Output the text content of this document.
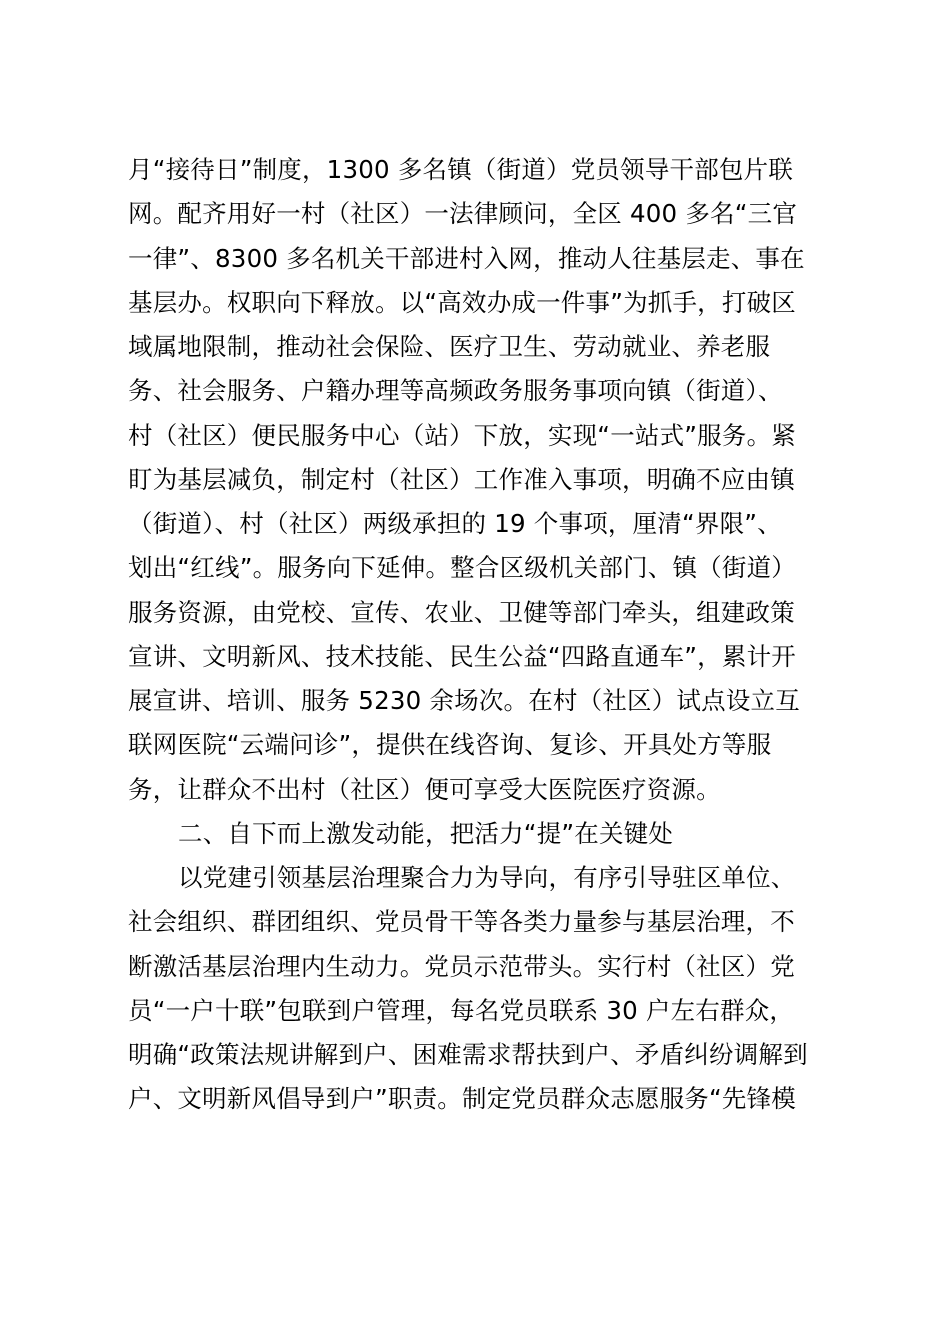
月“接待日”制度，1300 多名镇（街道）党员领导干部包片联
网。配齐用好一村（社区）一法律顾问，全区 400 多名“三官
一律”、8300 多名机关干部进村入网，推动人往基层走、事在
基层办。权职向下释放。以“高效办成一件事”为抓手，打破区
域属地限制，推动社会保险、医疗卫生、劳动就业、养老服
务、社会服务、户籍办理等高频政务服务事项向镇（街道）、
村（社区）便民服务中心（站）下放，实现“一站式”服务。紧
盯为基层减负，制定村（社区）工作准入事项，明确不应由镇
（街道）、村（社区）两级承担的 19 个事项，厘清“界限”、
划出“红线”。服务向下延伸。整合区级机关部门、镇（街道）
服务资源，由党校、宣传、农业、卫健等部门牵头，组建政策
宣讲、文明新风、技术技能、民生公益“四路直通车”，累计开
展宣讲、培训、服务 5230 余场次。在村（社区）试点设立互
联网医院“云端问诊”，提供在线咨询、复诊、开具处方等服
务，让群众不出村（社区）便可享受大医院医疗资源。
二、自下而上激发动能，把活力“提”在关键处
以党建引领基层治理聚合力为导向，有序引导驻区单位、
社会组织、群团组织、党员骨干等各类力量参与基层治理，不
断激活基层治理内生动力。党员示范带头。实行村（社区）党
员“一户十联”包联到户管理，每名党员联系 30 户左右群众，
明确“政策法规讲解到户、困难需求帮扶到户、矛盾纠纷调解到
户、文明新风倡导到户”职责。制定党员群众志愿服务“先锋模
